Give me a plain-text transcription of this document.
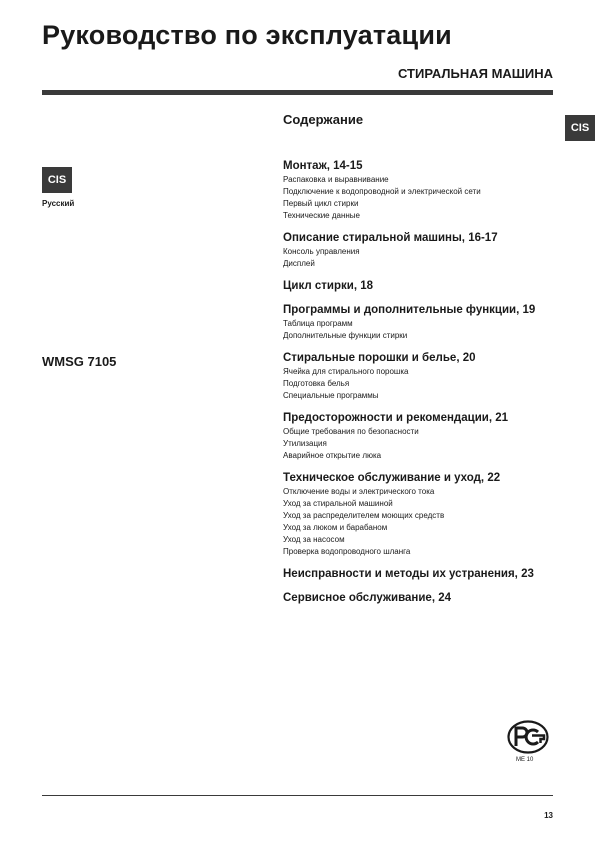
Руководство по эксплуатации
СТИРАЛЬНАЯ МАШИНА
CIS
CIS
Русский
WMSG 7105
Содержание
Монтаж, 14-15
Распаковка и выравнивание
Подключение к водопроводной и электрической сети
Первый цикл стирки
Технические данные
Описание стиральной машины, 16-17
Консоль управления
Дисплей
Цикл стирки, 18
Программы и дополнительные функции, 19
Таблица программ
Дополнительные функции стирки
Стиральные порошки и белье, 20
Ячейка для стирального порошка
Подготовка белья
Специальные программы
Предосторожности и рекомендации, 21
Общие требования по безопасности
Утилизация
Аварийное открытие люка
Техническое обслуживание и уход, 22
Отключение воды и электрического тока
Уход за стиральной машиной
Уход за распределителем моющих средств
Уход за люком и барабаном
Уход за насосом
Проверка водопроводного шланга
Неисправности и методы их устранения, 23
Сервисное обслуживание, 24
ME 10
13
